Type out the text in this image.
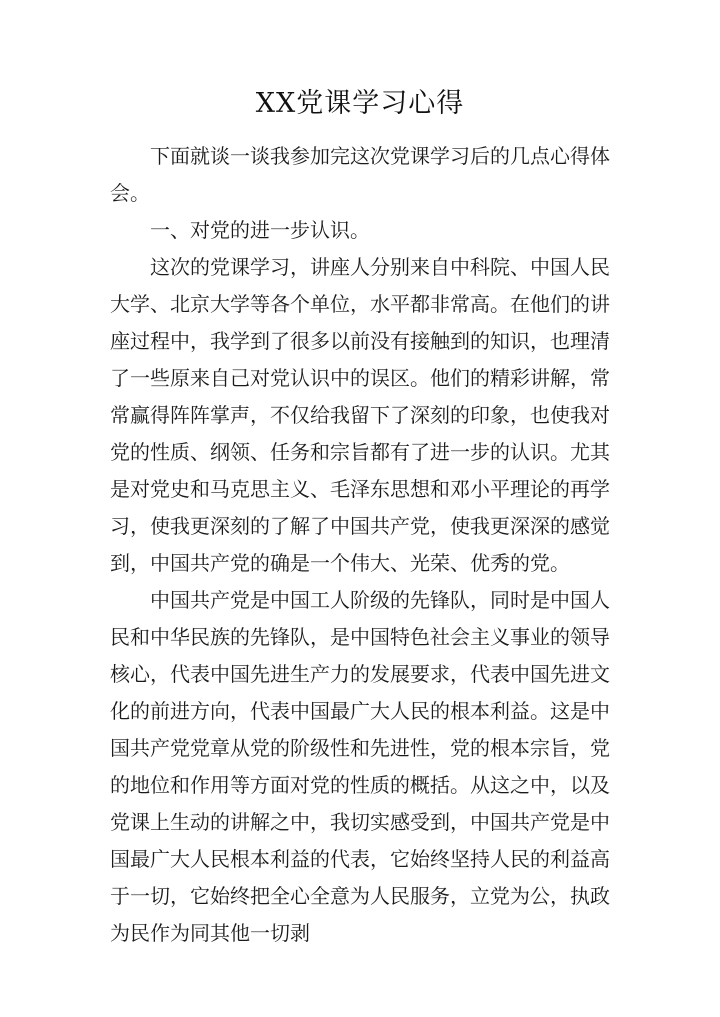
XX党课学习心得

下面就谈一谈我参加完这次党课学习后的几点心得体会。

一、对党的进一步认识。

这次的党课学习，讲座人分别来自中科院、中国人民大学、北京大学等各个单位，水平都非常高。在他们的讲座过程中，我学到了很多以前没有接触到的知识，也理清了一些原来自己对党认识中的误区。他们的精彩讲解，常常赢得阵阵掌声，不仅给我留下了深刻的印象，也使我对党的性质、纲领、任务和宗旨都有了进一步的认识。尤其是对党史和马克思主义、毛泽东思想和邓小平理论的再学习，使我更深刻的了解了中国共产党，使我更深深的感觉到，中国共产党的确是一个伟大、光荣、优秀的党。

中国共产党是中国工人阶级的先锋队，同时是中国人民和中华民族的先锋队，是中国特色社会主义事业的领导核心，代表中国先进生产力的发展要求，代表中国先进文化的前进方向，代表中国最广大人民的根本利益。这是中国共产党党章从党的阶级性和先进性，党的根本宗旨，党的地位和作用等方面对党的性质的概括。从这之中，以及党课上生动的讲解之中，我切实感受到，中国共产党是中国最广大人民根本利益的代表，它始终坚持人民的利益高于一切，它始终把全心全意为人民服务，立党为公，执政为民作为同其他一切剥
